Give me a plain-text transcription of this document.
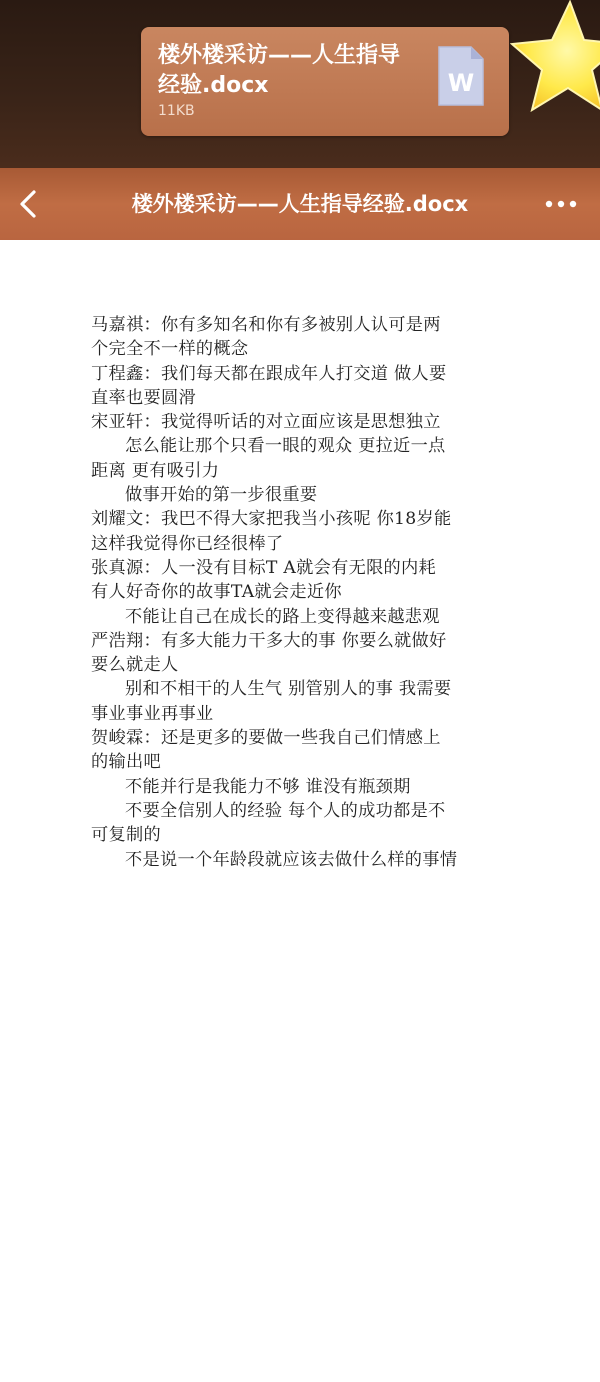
楼外楼采访——人生指导经验.docx
11KB
W
楼外楼采访——人生指导经验.docx
马嘉祺：你有多知名和你有多被别人认可是两
个完全不一样的概念
丁程鑫：我们每天都在跟成年人打交道 做人要
直率也要圆滑
宋亚轩：我觉得听话的对立面应该是思想独立
怎么能让那个只看一眼的观众 更拉近一点
距离 更有吸引力
做事开始的第一步很重要
刘耀文：我巴不得大家把我当小孩呢 你18岁能
这样我觉得你已经很棒了
张真源：人一没有目标T A就会有无限的内耗
有人好奇你的故事TA就会走近你
不能让自己在成长的路上变得越来越悲观
严浩翔：有多大能力干多大的事 你要么就做好
要么就走人
别和不相干的人生气 别管别人的事 我需要
事业事业再事业
贺峻霖：还是更多的要做一些我自己们情感上
的输出吧
不能并行是我能力不够 谁没有瓶颈期
不要全信别人的经验 每个人的成功都是不
可复制的
不是说一个年龄段就应该去做什么样的事情
